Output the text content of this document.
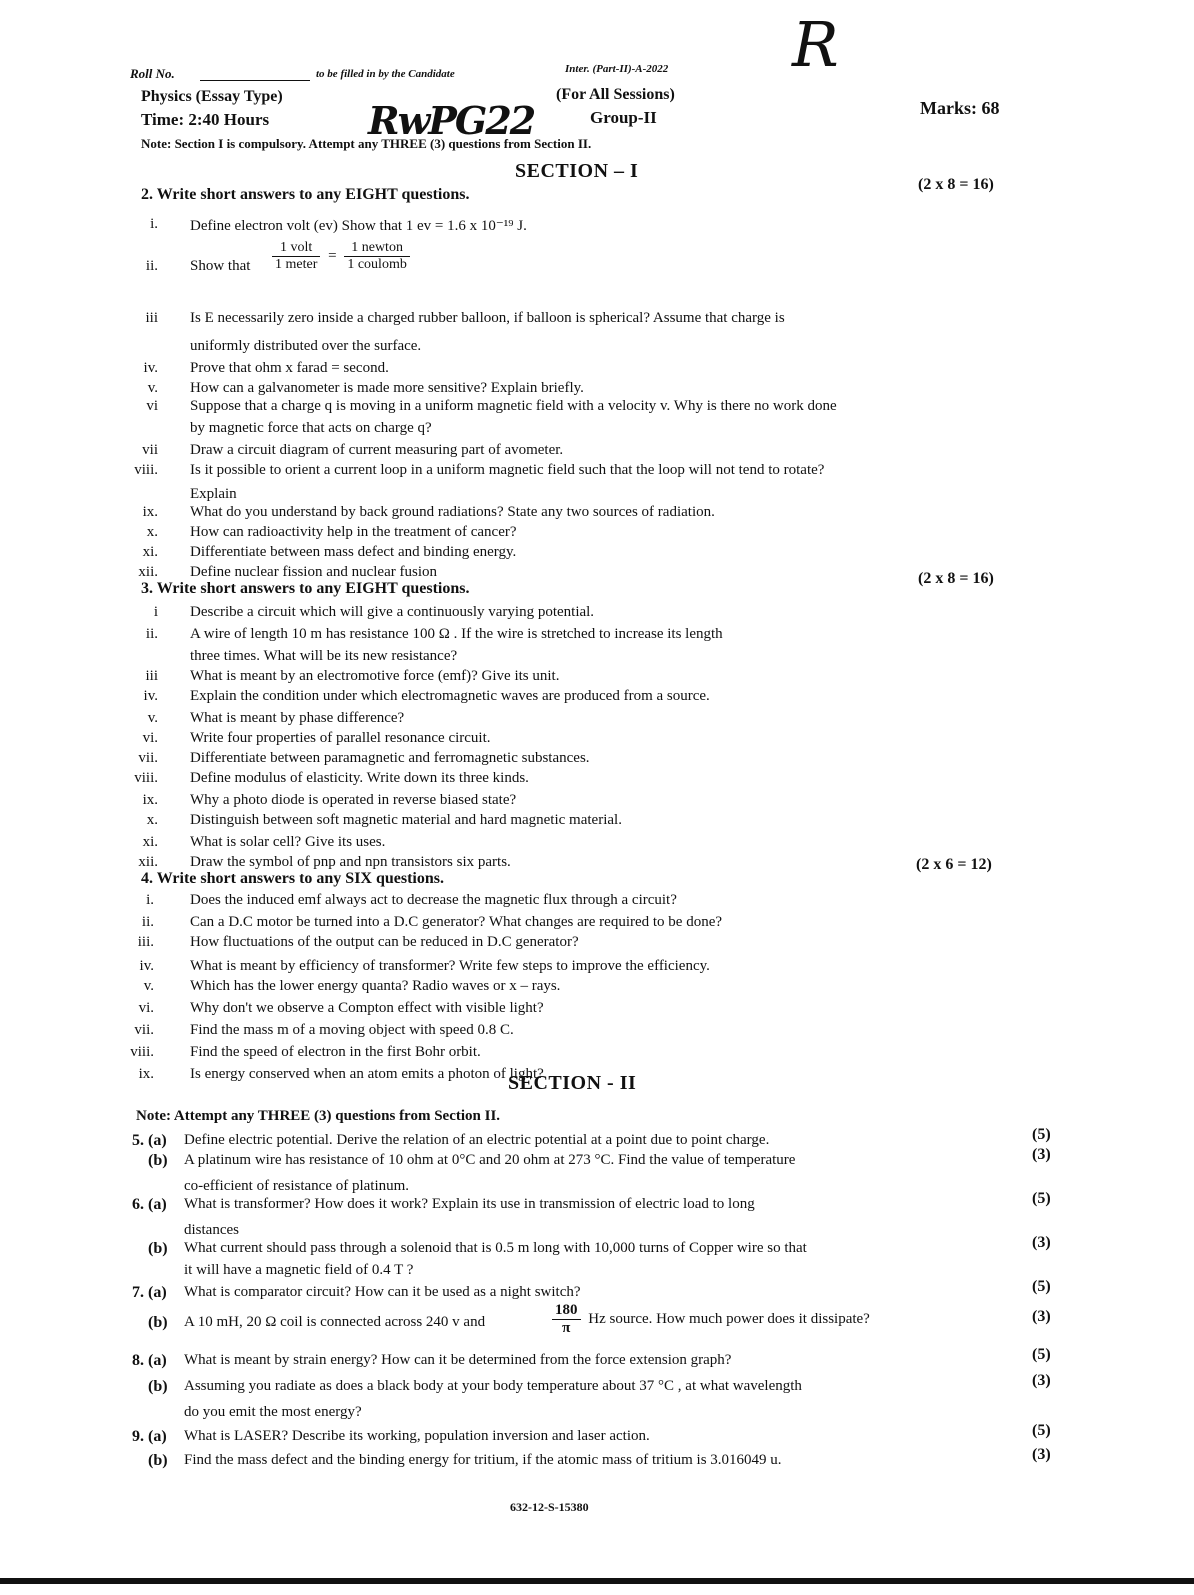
Roll No.	to be filled in by the Candidate	Inter. (Part-II)-A-2022 R
Physics (Essay Type)	(For All Sessions)
Time: 2:40 Hours	RwPG22	Group-II	Marks: 68
Note: Section I is compulsory. Attempt any THREE (3) questions from Section II.
SECTION – I
2. Write short answers to any EIGHT questions.
(2 x 8 = 16)
i. Define electron volt (ev) Show that 1 ev = 1.6 x 10⁻¹⁹ J.
ii. Show that
iii Is E necessarily zero inside a charged rubber balloon, if balloon is spherical? Assume that charge is
uniformly distributed over the surface.
iv. Prove that ohm x farad = second.
v. How can a galvanometer is made more sensitive? Explain briefly.
vi Suppose that a charge q is moving in a uniform magnetic field with a velocity v. Why is there no work done
by magnetic force that acts on charge q?
vii Draw a circuit diagram of current measuring part of avometer.
viii. Is it possible to orient a current loop in a uniform magnetic field such that the loop will not tend to rotate?
Explain
ix. What do you understand by back ground radiations? State any two sources of radiation.
x. How can radioactivity help in the treatment of cancer?
xi. Differentiate between mass defect and binding energy.
xii. Define nuclear fission and nuclear fusion
$\frac{\text{1 volt}}{\text{1 meter}} = \frac{\text{1 newton}}{\text{1 coulomb}}$
3. Write short answers to any EIGHT questions.
(2 x 8 = 16)
i Describe a circuit which will give a continuously varying potential.
ii. A wire of length 10 m has resistance 100 Ω . If the wire is stretched to increase its length
three times. What will be its new resistance?
iii What is meant by an electromotive force (emf)? Give its unit.
iv. Explain the condition under which electromagnetic waves are produced from a source.
v. What is meant by phase difference?
vi. Write four properties of parallel resonance circuit.
vii. Differentiate between paramagnetic and ferromagnetic substances.
viii. Define modulus of elasticity. Write down its three kinds.
ix. Why a photo diode is operated in reverse biased state?
x. Distinguish between soft magnetic material and hard magnetic material.
xi. What is solar cell? Give its uses.
xii. Draw the symbol of pnp and npn transistors six parts.
4. Write short answers to any SIX questions.
(2 x 6 = 12)
i. Does the induced emf always act to decrease the magnetic flux through a circuit?
ii. Can a D.C motor be turned into a D.C generator? What changes are required to be done?
iii. How fluctuations of the output can be reduced in D.C generator?
iv. What is meant by efficiency of transformer? Write few steps to improve the efficiency.
v. Which has the lower energy quanta? Radio waves or x – rays.
vi. Why don't we observe a Compton effect with visible light?
vii. Find the mass m of a moving object with speed 0.8 C.
viii. Find the speed of electron in the first Bohr orbit.
ix. Is energy conserved when an atom emits a photon of light?
SECTION - II
Note: Attempt any THREE (3) questions from Section II.
5. (a) Define electric potential. Derive the relation of an electric potential at a point due to point charge.	(5)
(b) A platinum wire has resistance of 10 ohm at 0°C and 20 ohm at 273 °C. Find the value of temperature	(3)
co-efficient of resistance of platinum.
6. (a) What is transformer? How does it work? Explain its use in transmission of electric load to long	(5)
distances
(b) What current should pass through a solenoid that is 0.5 m long with 10,000 turns of Copper wire so that	(3)
it will have a magnetic field of 0.4 T ?
7. (a) What is comparator circuit? How can it be used as a night switch?	(5)
(b) A 10 mH, 20 Ω coil is connected across 240 v and	(3)
8. (a) What is meant by strain energy? How can it be determined from the force extension graph?	(5)
(b) Assuming you radiate as does a black body at your body temperature about 37 °C , at what wavelength	(3)
do you emit the most energy?
9. (a) What is LASER? Describe its working, population inversion and laser action.	(5)
(b) Find the mass defect and the binding energy for tritium, if the atomic mass of tritium is 3.016049 u.	(3)
$\frac{180}{\pi}$ Hz source. How much power does it dissipate?
632-12-S-15380
